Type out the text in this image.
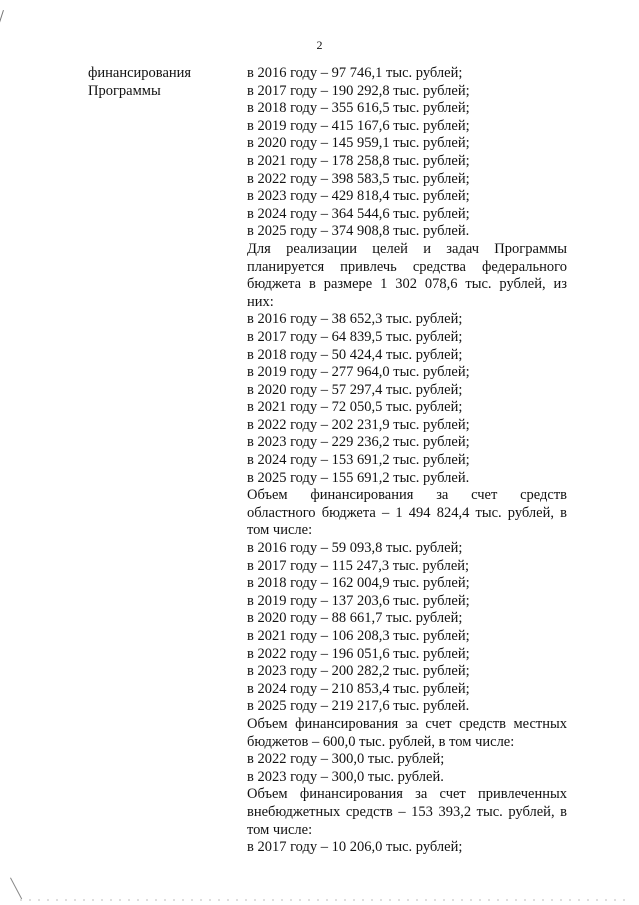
2
финансирования
Программы
в 2016 году – 97 746,1 тыс. рублей;
в 2017 году – 190 292,8 тыс. рублей;
в 2018 году – 355 616,5 тыс. рублей;
в 2019 году – 415 167,6 тыс. рублей;
в 2020 году – 145 959,1 тыс. рублей;
в 2021 году – 178 258,8 тыс. рублей;
в 2022 году – 398 583,5 тыс. рублей;
в 2023 году – 429 818,4 тыс. рублей;
в 2024 году – 364 544,6 тыс. рублей;
в 2025 году – 374 908,8 тыс. рублей.
Для реализации целей и задач Программы
планируется привлечь средства федерального
бюджета в размере 1 302 078,6 тыс. рублей, из
них:
в 2016 году – 38 652,3 тыс. рублей;
в 2017 году – 64 839,5 тыс. рублей;
в 2018 году – 50 424,4 тыс. рублей;
в 2019 году – 277 964,0 тыс. рублей;
в 2020 году – 57 297,4 тыс. рублей;
в 2021 году – 72 050,5 тыс. рублей;
в 2022 году – 202 231,9 тыс. рублей;
в 2023 году – 229 236,2 тыс. рублей;
в 2024 году – 153 691,2 тыс. рублей;
в 2025 году – 155 691,2 тыс. рублей.
Объем финансирования за счет средств
областного бюджета – 1 494 824,4 тыс. рублей, в
том числе:
в 2016 году – 59 093,8 тыс. рублей;
в 2017 году – 115 247,3 тыс. рублей;
в 2018 году – 162 004,9 тыс. рублей;
в 2019 году – 137 203,6 тыс. рублей;
в 2020 году – 88 661,7 тыс. рублей;
в 2021 году – 106 208,3 тыс. рублей;
в 2022 году – 196 051,6 тыс. рублей;
в 2023 году – 200 282,2 тыс. рублей;
в 2024 году – 210 853,4 тыс. рублей;
в 2025 году – 219 217,6 тыс. рублей.
Объем финансирования за счет средств местных
бюджетов – 600,0 тыс. рублей, в том числе:
в 2022 году – 300,0 тыс. рублей;
в 2023 году – 300,0 тыс. рублей.
Объем финансирования за счет привлеченных
внебюджетных средств – 153 393,2 тыс. рублей, в
том числе:
в 2017 году – 10 206,0 тыс. рублей;
